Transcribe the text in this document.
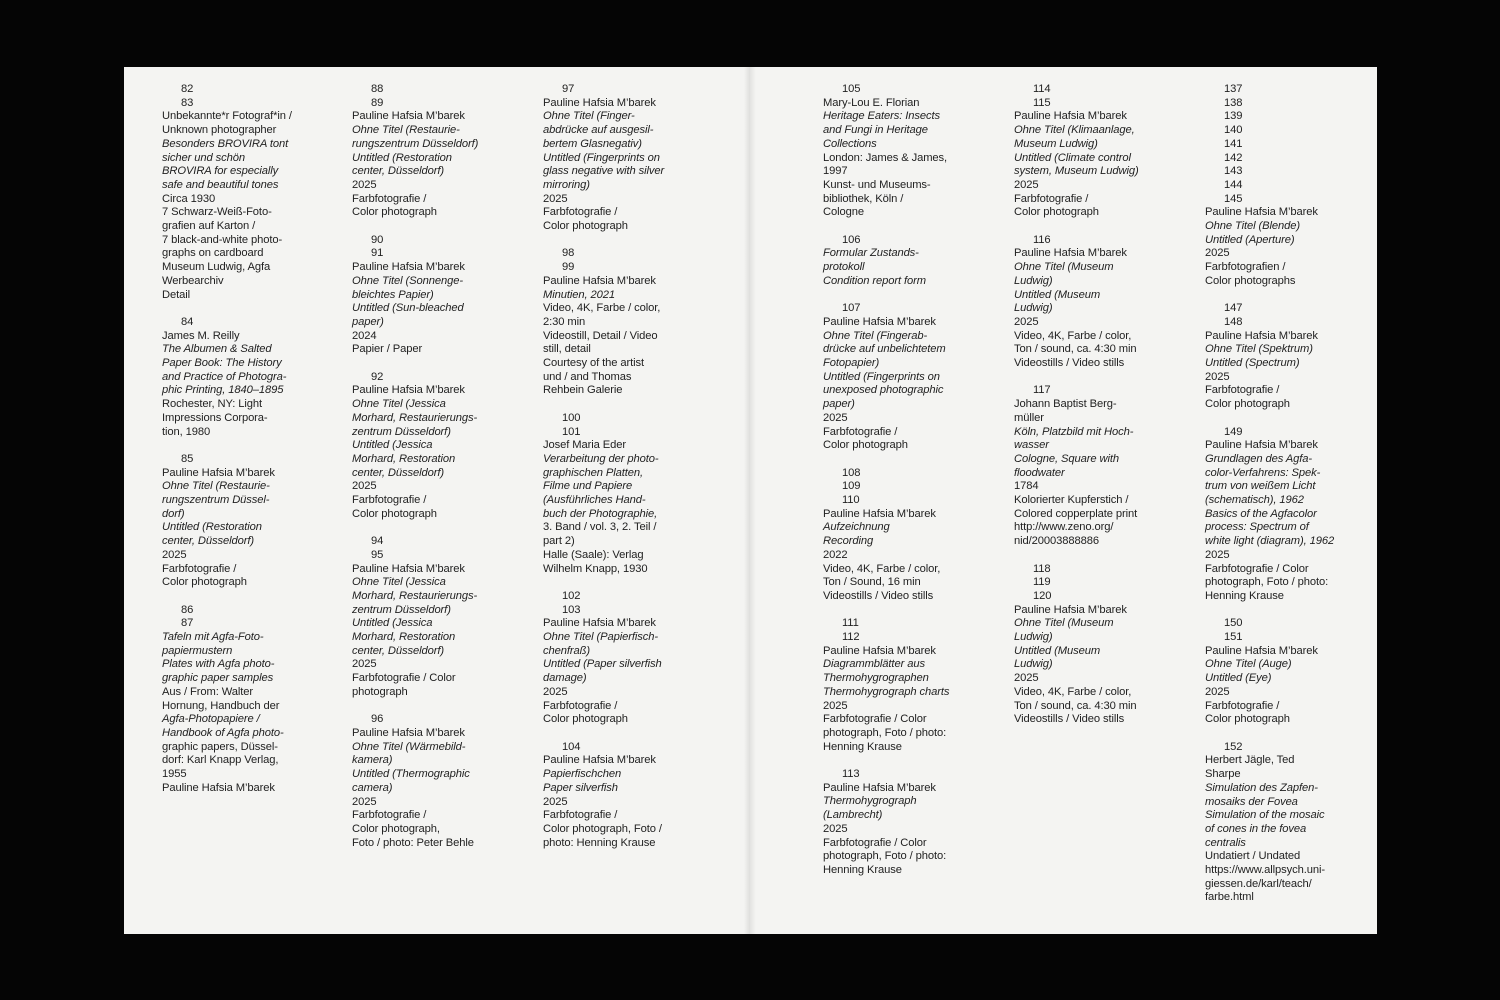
82
83
Unbekannte*r Fotograf*in /
Unknown photographer
Besonders BROVIRA tont
sicher und schön
BROVIRA for especially
safe and beautiful tones
Circa 1930
7 Schwarz-Weiß-Foto-
grafien auf Karton /
7 black-and-white photo-
graphs on cardboard
Museum Ludwig, Agfa
Werbearchiv
Detail
84
James M. Reilly
The Albumen & Salted
Paper Book: The History
and Practice of Photogra-
phic Printing, 1840–1895
Rochester, NY: Light
Impressions Corpora-
tion, 1980
85
Pauline Hafsia M’barek
Ohne Titel (Restaurie-
rungszentrum Düssel-
dorf)
Untitled (Restoration
center, Düsseldorf)
2025
Farbfotografie /
Color photograph
86
87
Tafeln mit Agfa-Foto-
papiermustern
Plates with Agfa photo-
graphic paper samples
Aus / From: Walter
Hornung, Handbuch der
Agfa-Photopapiere /
Handbook of Agfa photo-
graphic papers, Düssel-
dorf: Karl Knapp Verlag,
1955
Pauline Hafsia M’barek
88
89
Pauline Hafsia M’barek
Ohne Titel (Restaurie-
rungszentrum Düsseldorf)
Untitled (Restoration
center, Düsseldorf)
2025
Farbfotografie /
Color photograph
90
91
Pauline Hafsia M’barek
Ohne Titel (Sonnenge-
bleichtes Papier)
Untitled (Sun-bleached
paper)
2024
Papier / Paper
92
Pauline Hafsia M’barek
Ohne Titel (Jessica
Morhard, Restaurierungs-
zentrum Düsseldorf)
Untitled (Jessica
Morhard, Restoration
center, Düsseldorf)
2025
Farbfotografie /
Color photograph
94
95
Pauline Hafsia M’barek
Ohne Titel (Jessica
Morhard, Restaurierungs-
zentrum Düsseldorf)
Untitled (Jessica
Morhard, Restoration
center, Düsseldorf)
2025
Farbfotografie / Color
photograph
96
Pauline Hafsia M’barek
Ohne Titel (Wärmebild-
kamera)
Untitled (Thermographic
camera)
2025
Farbfotografie /
Color photograph,
Foto / photo: Peter Behle
97
Pauline Hafsia M’barek
Ohne Titel (Finger-
abdrücke auf ausgesil-
bertem Glasnegativ)
Untitled (Fingerprints on
glass negative with silver
mirroring)
2025
Farbfotografie /
Color photograph
98
99
Pauline Hafsia M’barek
Minutien, 2021
Video, 4K, Farbe / color,
2:30 min
Videostill, Detail / Video
still, detail
Courtesy of the artist
und / and Thomas
Rehbein Galerie
100
101
Josef Maria Eder
Verarbeitung der photo-
graphischen Platten,
Filme und Papiere
(Ausführliches Hand-
buch der Photographie,
3. Band / vol. 3, 2. Teil /
part 2)
Halle (Saale): Verlag
Wilhelm Knapp, 1930
102
103
Pauline Hafsia M’barek
Ohne Titel (Papierfisch-
chenfraß)
Untitled (Paper silverfish
damage)
2025
Farbfotografie /
Color photograph
104
Pauline Hafsia M’barek
Papierfischchen
Paper silverfish
2025
Farbfotografie /
Color photograph, Foto /
photo: Henning Krause
105
Mary-Lou E. Florian
Heritage Eaters: Insects
and Fungi in Heritage
Collections
London: James & James,
1997
Kunst- und Museums-
bibliothek, Köln /
Cologne
106
Formular Zustands-
protokoll
Condition report form
107
Pauline Hafsia M’barek
Ohne Titel (Fingerab-
drücke auf unbelichtetem
Fotopapier)
Untitled (Fingerprints on
unexposed photographic
paper)
2025
Farbfotografie /
Color photograph
108
109
110
Pauline Hafsia M’barek
Aufzeichnung
Recording
2022
Video, 4K, Farbe / color,
Ton / Sound, 16 min
Videostills / Video stills
111
112
Pauline Hafsia M’barek
Diagrammblätter aus
Thermohygrographen
Thermohygrograph charts
2025
Farbfotografie / Color
photograph, Foto / photo:
Henning Krause
113
Pauline Hafsia M’barek
Thermohygrograph
(Lambrecht)
2025
Farbfotografie / Color
photograph, Foto / photo:
Henning Krause
114
115
Pauline Hafsia M’barek
Ohne Titel (Klimaanlage,
Museum Ludwig)
Untitled (Climate control
system, Museum Ludwig)
2025
Farbfotografie /
Color photograph
116
Pauline Hafsia M’barek
Ohne Titel (Museum
Ludwig)
Untitled (Museum
Ludwig)
2025
Video, 4K, Farbe / color,
Ton / sound, ca. 4:30 min
Videostills / Video stills
117
Johann Baptist Berg-
müller
Köln, Platzbild mit Hoch-
wasser
Cologne, Square with
floodwater
1784
Kolorierter Kupferstich /
Colored copperplate print
http://www.zeno.org/
nid/20003888886
118
119
120
Pauline Hafsia M’barek
Ohne Titel (Museum
Ludwig)
Untitled (Museum
Ludwig)
2025
Video, 4K, Farbe / color,
Ton / sound, ca. 4:30 min
Videostills / Video stills
137
138
139
140
141
142
143
144
145
Pauline Hafsia M’barek
Ohne Titel (Blende)
Untitled (Aperture)
2025
Farbfotografien /
Color photographs
147
148
Pauline Hafsia M’barek
Ohne Titel (Spektrum)
Untitled (Spectrum)
2025
Farbfotografie /
Color photograph
149
Pauline Hafsia M’barek
Grundlagen des Agfa-
color-Verfahrens: Spek-
trum von weißem Licht
(schematisch), 1962
Basics of the Agfacolor
process: Spectrum of
white light (diagram), 1962
2025
Farbfotografie / Color
photograph, Foto / photo:
Henning Krause
150
151
Pauline Hafsia M’barek
Ohne Titel (Auge)
Untitled (Eye)
2025
Farbfotografie /
Color photograph
152
Herbert Jägle, Ted
Sharpe
Simulation des Zapfen-
mosaiks der Fovea
Simulation of the mosaic
of cones in the fovea
centralis
Undatiert / Undated
https://www.allpsych.uni-
giessen.de/karl/teach/
farbe.html
